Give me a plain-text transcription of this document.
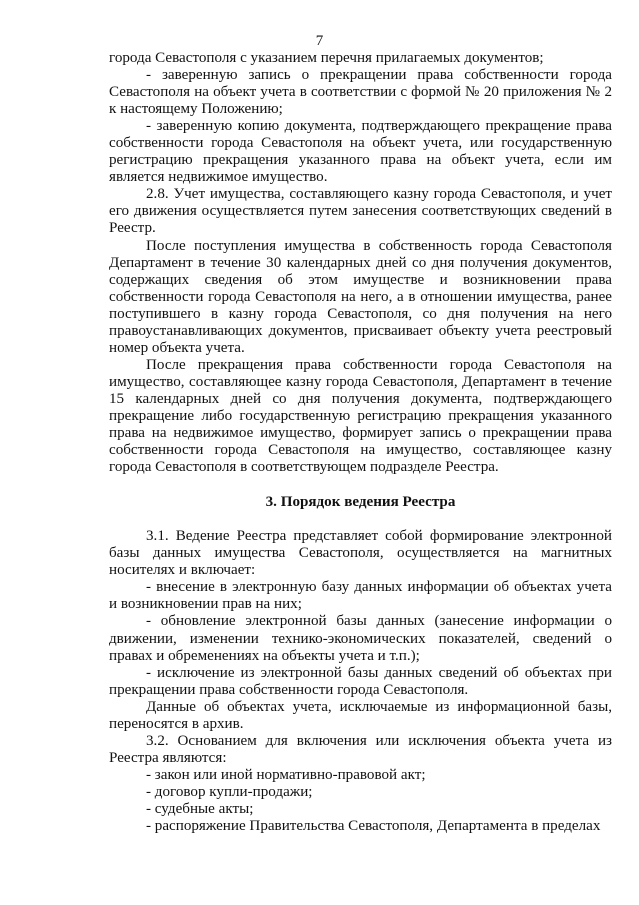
7

города Севастополя с указанием перечня прилагаемых документов;

- заверенную запись о прекращении права собственности города Севастополя на объект учета в соответствии с формой № 20 приложения № 2 к настоящему Положению;

- заверенную копию документа, подтверждающего прекращение права собственности города Севастополя на объект учета, или государственную регистрацию прекращения указанного права на объект учета, если им является недвижимое имущество.

2.8. Учет имущества, составляющего казну города Севастополя, и учет его движения осуществляется путем занесения соответствующих сведений в Реестр.

После поступления имущества в собственность города Севастополя Департамент в течение 30 календарных дней со дня получения документов, содержащих сведения об этом имуществе и возникновении права собственности города Севастополя на него, а в отношении имущества, ранее поступившего в казну города Севастополя, со дня получения на него правоустанавливающих документов, присваивает объекту учета реестровый номер объекта учета.

После прекращения права собственности города Севастополя на имущество, составляющее казну города Севастополя, Департамент в течение 15 календарных дней со дня получения документа, подтверждающего прекращение либо государственную регистрацию прекращения указанного права на недвижимое имущество, формирует запись о прекращении права собственности города Севастополя на имущество, составляющее казну города Севастополя в соответствующем подразделе Реестра.

3. Порядок ведения Реестра

3.1. Ведение Реестра представляет собой формирование электронной базы данных имущества Севастополя, осуществляется на магнитных носителях и включает:

- внесение в электронную базу данных информации об объектах учета и возникновении прав на них;

- обновление электронной базы данных (занесение информации о движении, изменении технико-экономических показателей, сведений о правах и обременениях на объекты учета и т.п.);

- исключение из электронной базы данных сведений об объектах при прекращении права собственности города Севастополя.

Данные об объектах учета, исключаемые из информационной базы, переносятся в архив.

3.2. Основанием для включения или исключения объекта учета из Реестра являются:

- закон или иной нормативно-правовой акт;

- договор купли-продажи;

- судебные акты;

- распоряжение Правительства Севастополя, Департамента в пределах
